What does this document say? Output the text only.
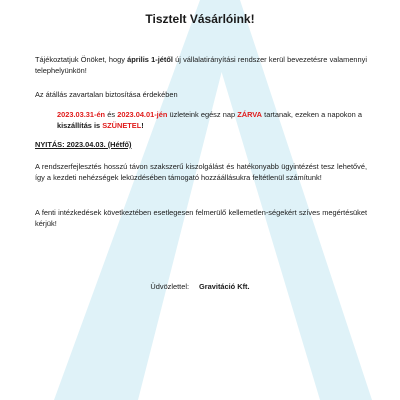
Tisztelt Vásárlóink!
Tájékoztatjuk Önöket, hogy április 1-jétől új vállalatirányítási rendszer kerül bevezetésre valamennyi telephelyünkön!
Az átállás zavartalan biztosítása érdekében
2023.03.31-én és 2023.04.01-jén üzleteink egész nap ZÁRVA tartanak, ezeken a napokon a kiszállítás is SZÜNETEL!
NYITÁS: 2023.04.03. (Hétfő)
A rendszerfejlesztés hosszú távon szakszerű kiszolgálást és hatékonyabb ügyintézést tesz lehetővé, így a kezdeti nehézségek leküzdésében támogató hozzáállásukra feltétlenül számítunk!
A fenti intézkedések következtében esetlegesen felmerülő kellemetlen-ségekért szíves megértésüket kérjük!
Üdvözlettel: Gravitáció Kft.
